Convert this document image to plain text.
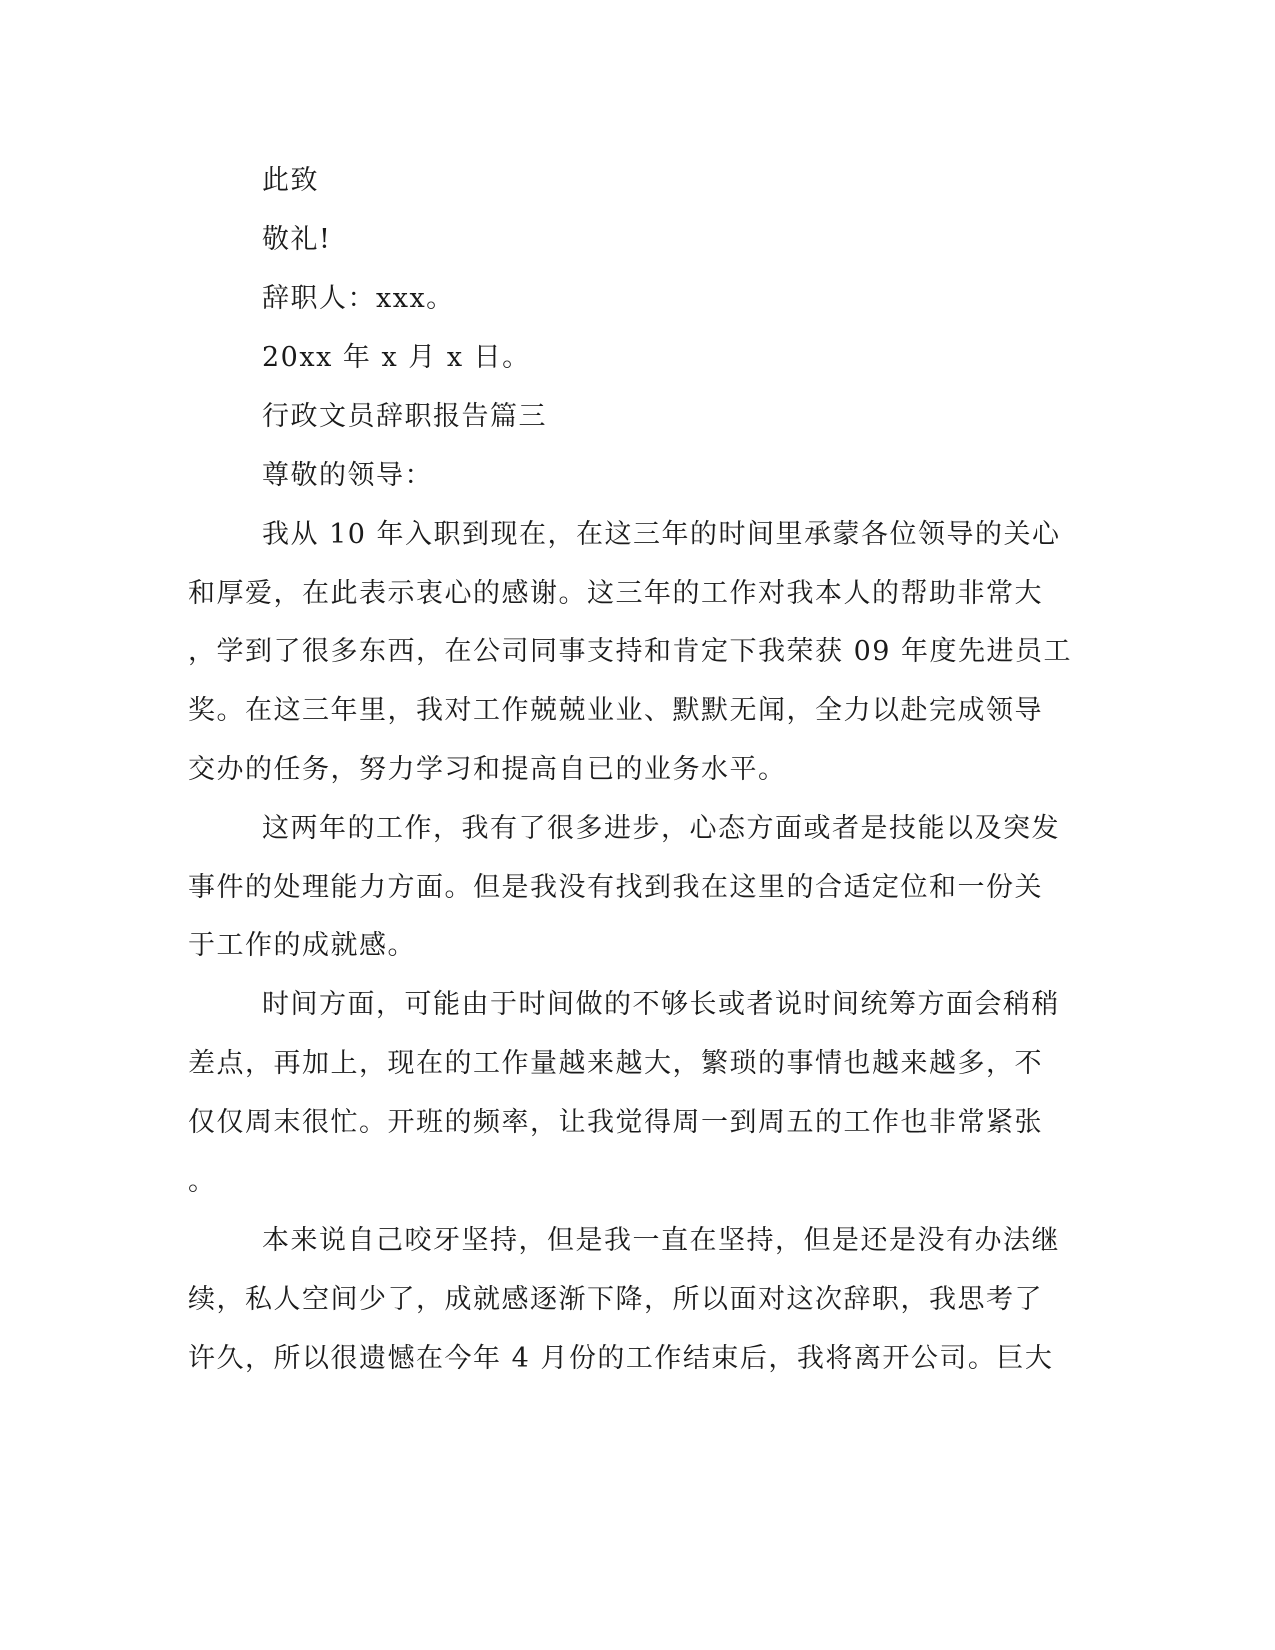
此致
敬礼!
辞职人：xxx。
20xx 年 x 月 x 日。
行政文员辞职报告篇三
尊敬的领导：
我从 10 年入职到现在，在这三年的时间里承蒙各位领导的关心
和厚爱，在此表示衷心的感谢。这三年的工作对我本人的帮助非常大
，学到了很多东西，在公司同事支持和肯定下我荣获 09 年度先进员工
奖。在这三年里，我对工作兢兢业业、默默无闻，全力以赴完成领导
交办的任务，努力学习和提高自已的业务水平。
这两年的工作，我有了很多进步，心态方面或者是技能以及突发
事件的处理能力方面。但是我没有找到我在这里的合适定位和一份关
于工作的成就感。
时间方面，可能由于时间做的不够长或者说时间统筹方面会稍稍
差点，再加上，现在的工作量越来越大，繁琐的事情也越来越多，不
仅仅周末很忙。开班的频率，让我觉得周一到周五的工作也非常紧张
。
本来说自己咬牙坚持，但是我一直在坚持，但是还是没有办法继
续，私人空间少了，成就感逐渐下降，所以面对这次辞职，我思考了
许久，所以很遗憾在今年 4 月份的工作结束后，我将离开公司。巨大
